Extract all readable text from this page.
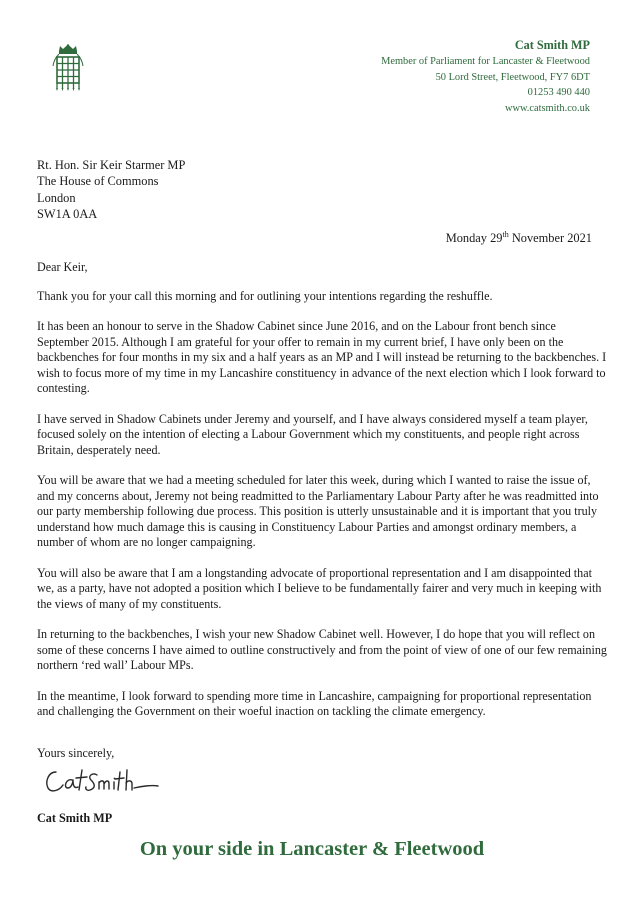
Cat Smith MP
Member of Parliament for Lancaster & Fleetwood
50 Lord Street, Fleetwood, FY7 6DT
01253 490 440
www.catsmith.co.uk
Rt. Hon. Sir Keir Starmer MP
The House of Commons
London
SW1A 0AA
Monday 29th November 2021
Dear Keir,
Thank you for your call this morning and for outlining your intentions regarding the reshuffle.
It has been an honour to serve in the Shadow Cabinet since June 2016, and on the Labour front bench since September 2015. Although I am grateful for your offer to remain in my current brief, I have only been on the backbenches for four months in my six and a half years as an MP and I will instead be returning to the backbenches. I wish to focus more of my time in my Lancashire constituency in advance of the next election which I look forward to contesting.
I have served in Shadow Cabinets under Jeremy and yourself, and I have always considered myself a team player, focused solely on the intention of electing a Labour Government which my constituents, and people right across Britain, desperately need.
You will be aware that we had a meeting scheduled for later this week, during which I wanted to raise the issue of, and my concerns about, Jeremy not being readmitted to the Parliamentary Labour Party after he was readmitted into our party membership following due process. This position is utterly unsustainable and it is important that you truly understand how much damage this is causing in Constituency Labour Parties and amongst ordinary members, a number of whom are no longer campaigning.
You will also be aware that I am a longstanding advocate of proportional representation and I am disappointed that we, as a party, have not adopted a position which I believe to be fundamentally fairer and very much in keeping with the views of many of my constituents.
In returning to the backbenches, I wish your new Shadow Cabinet well. However, I do hope that you will reflect on some of these concerns I have aimed to outline constructively and from the point of view of one of our few remaining northern ‘red wall’ Labour MPs.
In the meantime, I look forward to spending more time in Lancashire, campaigning for proportional representation and challenging the Government on their woeful inaction on tackling the climate emergency.
Yours sincerely,
Cat Smith MP
On your side in Lancaster & Fleetwood
